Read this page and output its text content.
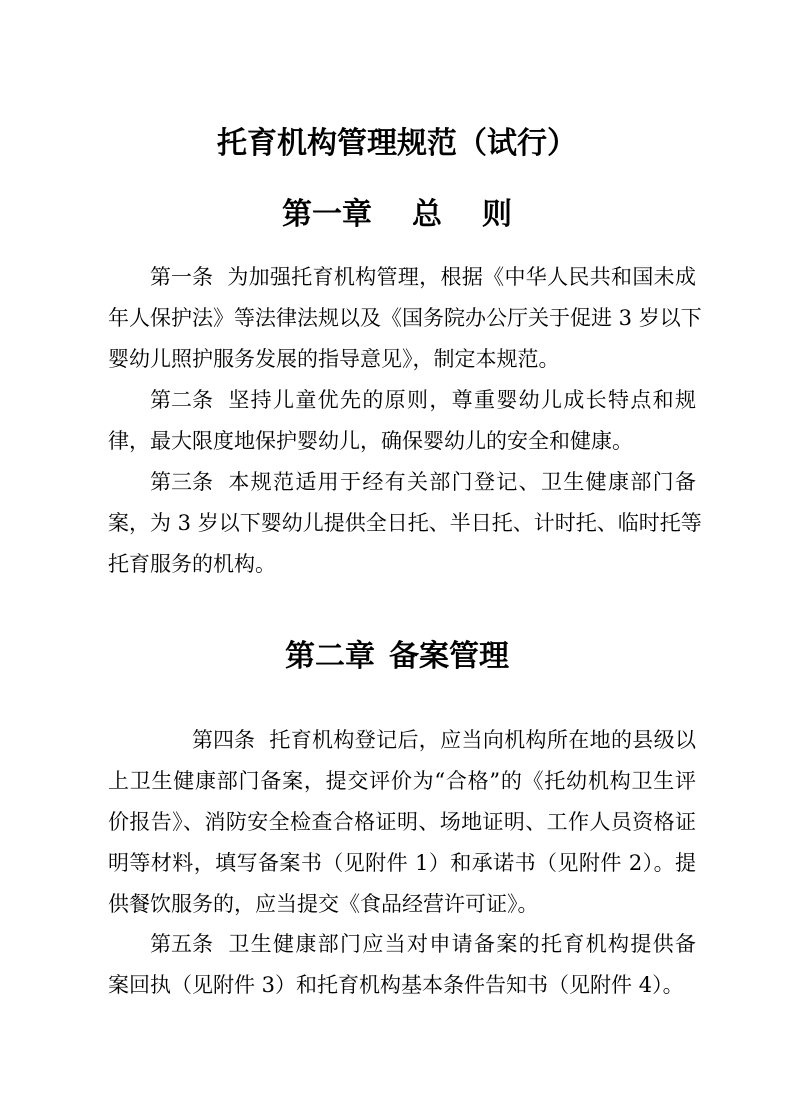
托育机构管理规范（试行）
第一章 总 则
第一条 为加强托育机构管理，根据《中华人民共和国未成
年人保护法》等法律法规以及《国务院办公厅关于促进 3 岁以下
婴幼儿照护服务发展的指导意见》，制定本规范。
第二条 坚持儿童优先的原则，尊重婴幼儿成长特点和规
律，最大限度地保护婴幼儿，确保婴幼儿的安全和健康。
第三条 本规范适用于经有关部门登记、卫生健康部门备
案，为 3 岁以下婴幼儿提供全日托、半日托、计时托、临时托等
托育服务的机构。
第二章 备案管理
第四条 托育机构登记后，应当向机构所在地的县级以
上卫生健康部门备案，提交评价为“合格”的《托幼机构卫生评
价报告》、消防安全检查合格证明、场地证明、工作人员资格证
明等材料，填写备案书（见附件 1）和承诺书（见附件 2）。提
供餐饮服务的，应当提交《食品经营许可证》。
第五条 卫生健康部门应当对申请备案的托育机构提供备
案回执（见附件 3）和托育机构基本条件告知书（见附件 4）。
